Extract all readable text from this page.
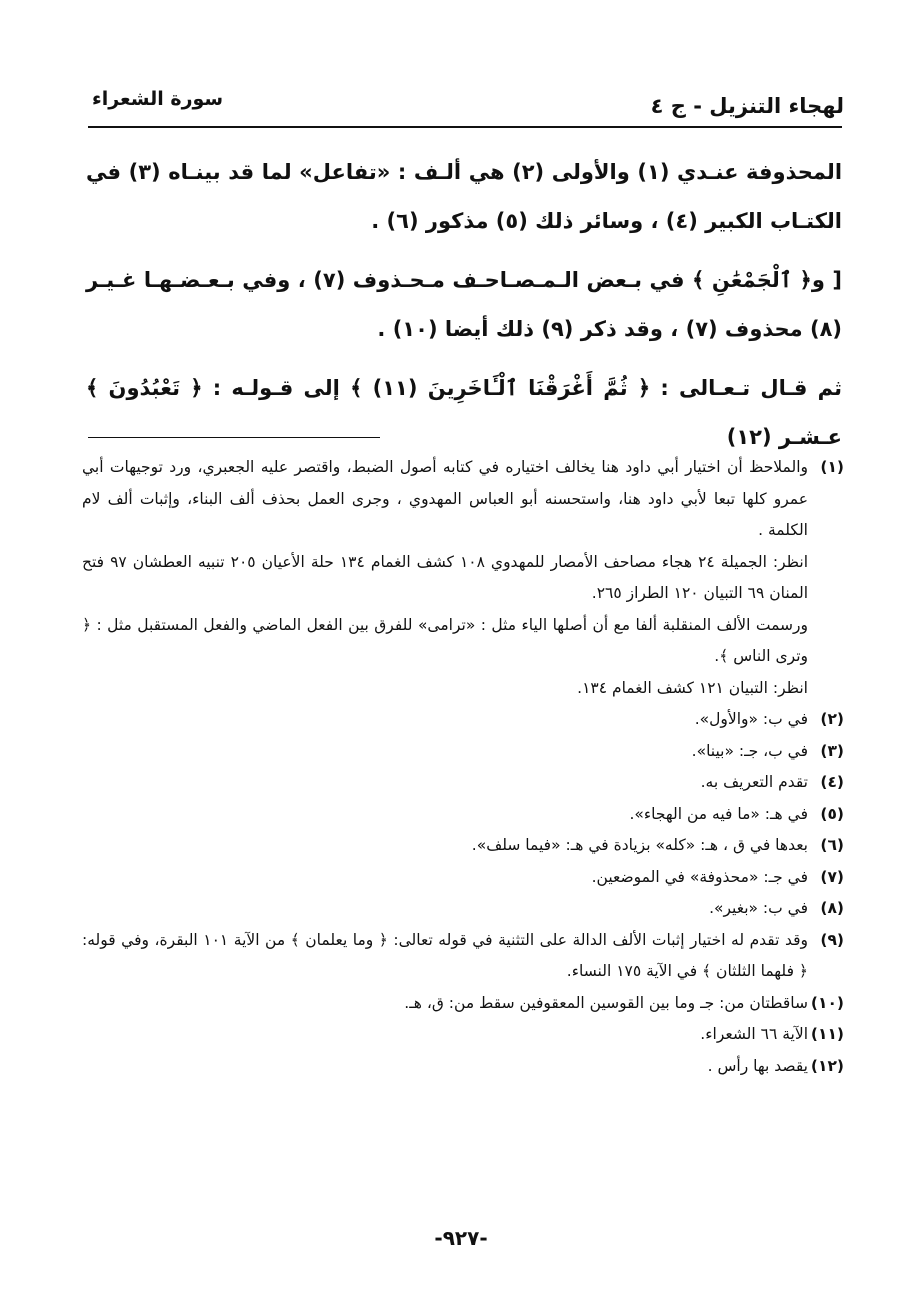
لهجاء التنزيل - ج ٤
سورة الشعراء

المحذوفة عنـدي (١) والأولى (٢) هي ألـف : «تفاعل» لما قد بينـاه (٣) في الكتـاب الكبير (٤) ، وسائر ذلك (٥) مذكور (٦) .

[ و﴿ ٱلْجَمْعَٰنِ ﴾ في بـعض الـمـصـاحـف مـحـذوف (٧) ، وفي بـعـضـهـا غـيـر (٨) محذوف (٧) ، وقد ذكر (٩) ذلك أيضا (١٠) .

ثم قـال تـعـالى : ﴿ ثُمَّ أَغْرَقْنَا ٱلْـَٔاخَرِينَ (١١) ﴾ إلى قـولـه : ﴿ تَعْبُدُونَ ﴾ عـشـر (١٢)

(١)
والملاحظ أن اختيار أبي داود هنا يخالف اختياره في كتابه أصول الضبط، واقتصر عليه الجعبري، ورد توجيهات أبي عمرو كلها تبعا لأبي داود هنا، واستحسنه أبو العباس المهدوي ، وجرى العمل بحذف ألف البناء، وإثبات ألف لام الكلمة .
انظر: الجميلة ٢٤ هجاء مصاحف الأمصار للمهدوي ١٠٨ كشف الغمام ١٣٤ حلة الأعيان ٢٠٥ تنبيه العطشان ٩٧ فتح المنان ٦٩ التبيان ١٢٠ الطراز ٢٦٥.
ورسمت الألف المنقلبة ألفا مع أن أصلها الياء مثل : «ترامى» للفرق بين الفعل الماضي والفعل المستقبل مثل : ﴿ وترى الناس ﴾.
انظر: التبيان ١٢١ كشف الغمام ١٣٤.
(٢)
في ب: «والأول».
(٣)
في ب، جـ: «بينا».
(٤)
تقدم التعريف به.
(٥)
في هـ: «ما فيه من الهجاء».
(٦)
بعدها في ق ، هـ: «كله» بزيادة في هـ: «فيما سلف».
(٧)
في جـ: «محذوفة» في الموضعين.
(٨)
في ب: «بغير».
(٩)
وقد تقدم له اختيار إثبات الألف الدالة على التثنية في قوله تعالى: ﴿ وما يعلمان ﴾ من الآية ١٠١ البقرة، وفي قوله: ﴿ فلهما الثلثان ﴾ في الآية ١٧٥ النساء.
(١٠)
ساقطتان من: جـ وما بين القوسين المعقوفين سقط من: ق، هـ.
(١١)
الآية ٦٦ الشعراء.
(١٢)
يقصد بها رأس .
-٩٢٧-
